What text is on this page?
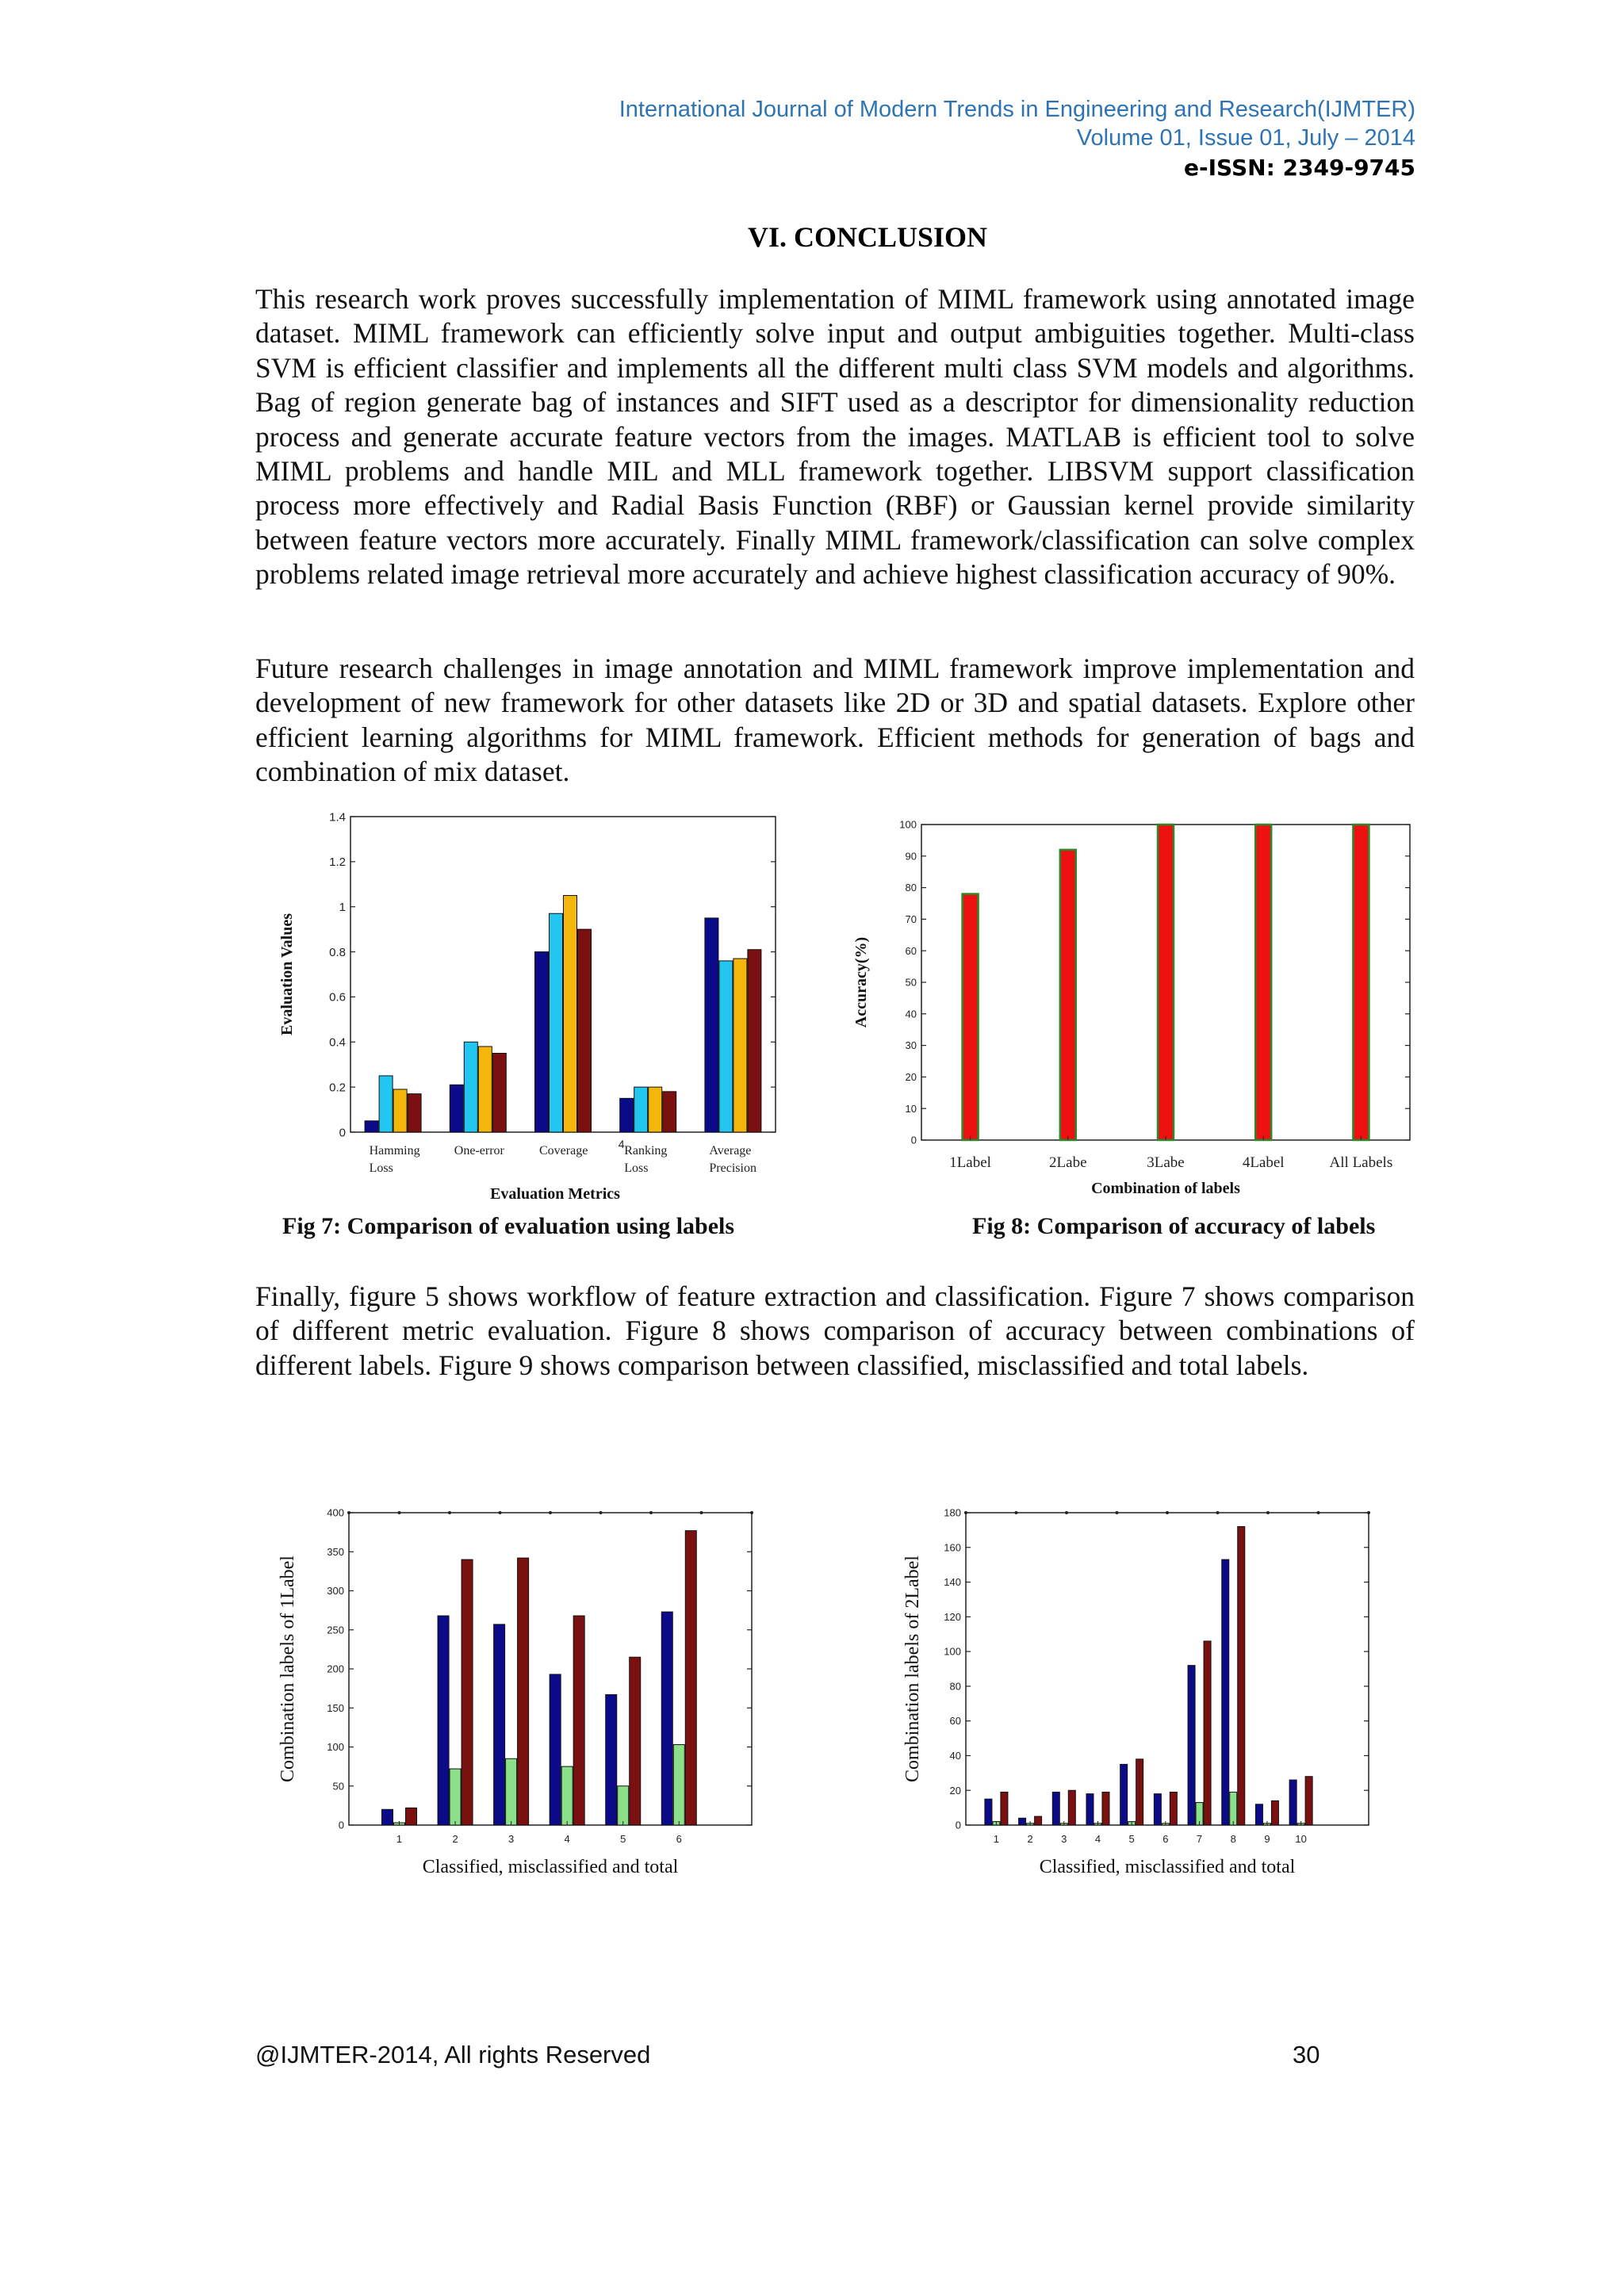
International Journal of Modern Trends in Engineering and Research(IJMTER)
Volume 01, Issue 01, July – 2014
e-ISSN: 2349-9745
VI. CONCLUSION

This research work proves successfully implementation of MIML framework using annotated image dataset. MIML framework can efficiently solve input and output ambiguities together. Multi-class SVM is efficient classifier and implements all the different multi class SVM models and algorithms. Bag of region generate bag of instances and SIFT used as a descriptor for dimensionality reduction process and generate accurate feature vectors from the images. MATLAB is efficient tool to solve MIML problems and handle MIL and MLL framework together. LIBSVM support classification process more effectively and Radial Basis Function (RBF) or Gaussian kernel provide similarity between feature vectors more accurately. Finally MIML framework/classification can solve complex problems related image retrieval more accurately and achieve highest classification accuracy of 90%.

Future research challenges in image annotation and MIML framework improve implementation and development of new framework for other datasets like 2D or 3D and spatial datasets. Explore other efficient learning algorithms for MIML framework. Efficient methods for generation of bags and combination of mix dataset.

0
0.2
0.4
0.6
0.8
1
1.2
1.4
Evaluation Values
Evaluation Metrics
Hamming Loss
One-error	Coverage	Ranking Loss
Average Precision
4	0
10
20
30
40
50
60
70
80
90
100
Accuracy(%)
Combination of labels
1Label	2Labe	3Labe	4Label	All Labels
Fig 7: Comparison of evaluation using labels	Fig 8: Comparison of accuracy of labels

Finally, figure 5 shows workflow of feature extraction and classification. Figure 7 shows comparison of different metric evaluation. Figure 8 shows comparison of accuracy between combinations of different labels. Figure 9 shows comparison between classified, misclassified and total labels.

0
50
100
150
200
250
300
350
400
Combination labels of 1Label
Classified, misclassified and total
1	2	3	4	5	6
0
20
40
60
80
100
120
140
160
180
Combination labels of 2Label
Classified, misclassified and total
1	2	3	4	5	6	7	8	9 10
@IJMTER-2014, All rights Reserved	30
